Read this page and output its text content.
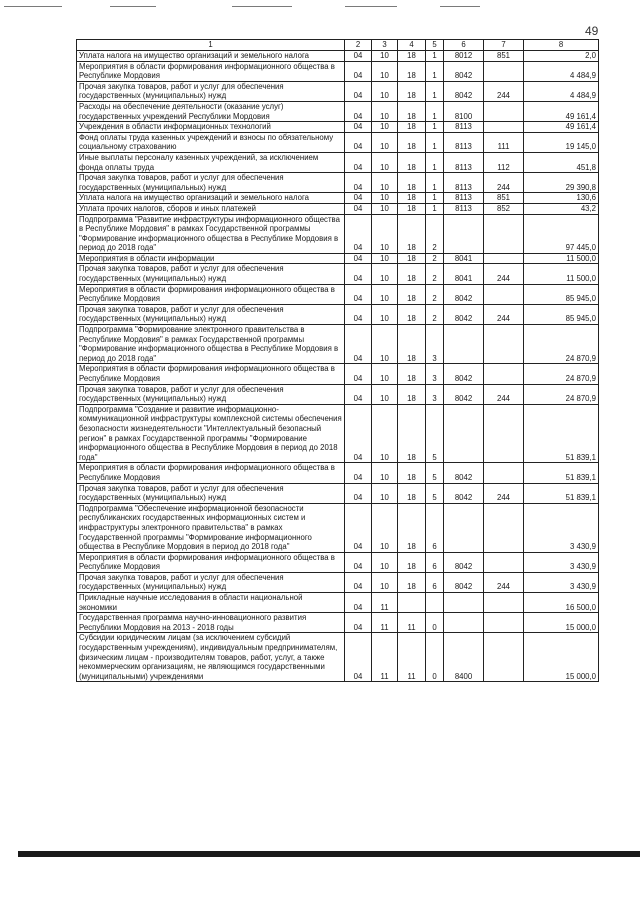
49
1	2	3	4	5	6	7	8
Уплата налога на имущество организаций и земельного налога	04	10	18	1	8012	851	2,0
Мероприятия в области формирования информационного общества в Республике Мордовия	04	10	18	1	8042		4 484,9
Прочая закупка товаров, работ и услуг для обеспечения государственных (муниципальных) нужд	04	10	18	1	8042	244	4 484,9
Расходы на обеспечение деятельности (оказание услуг) государственных учреждений Республики Мордовия	04	10	18	1	8100		49 161,4
Учреждения в области информационных технологий	04	10	18	1	8113		49 161,4
Фонд оплаты труда казенных учреждений и взносы по обязательному социальному страхованию	04	10	18	1	8113	111	19 145,0
Иные выплаты персоналу казенных учреждений, за исключением фонда оплаты труда	04	10	18	1	8113	112	451,8
Прочая закупка товаров, работ и услуг для обеспечения государственных (муниципальных) нужд	04	10	18	1	8113	244	29 390,8
Уплата налога на имущество организаций и земельного налога	04	10	18	1	8113	851	130,6
Уплата прочих налогов, сборов и иных платежей	04	10	18	1	8113	852	43,2
Подпрограмма "Развитие инфраструктуры информационного общества в Республике Мордовия" в рамках Государственной программы "Формирование информационного общества в Республике Мордовия в период до 2018 года"	04	10	18	2			97 445,0
Мероприятия в области информации	04	10	18	2	8041		11 500,0
Прочая закупка товаров, работ и услуг для обеспечения государственных (муниципальных) нужд	04	10	18	2	8041	244	11 500,0
Мероприятия в области формирования информационного общества в Республике Мордовия	04	10	18	2	8042		85 945,0
Прочая закупка товаров, работ и услуг для обеспечения государственных (муниципальных) нужд	04	10	18	2	8042	244	85 945,0
Подпрограмма "Формирование электронного правительства в Республике Мордовия" в рамках Государственной программы "Формирование информационного общества в Республике Мордовия в период до 2018 года"	04	10	18	3			24 870,9
Мероприятия в области формирования информационного общества в Республике Мордовия	04	10	18	3	8042		24 870,9
Прочая закупка товаров, работ и услуг для обеспечения государственных (муниципальных) нужд	04	10	18	3	8042	244	24 870,9
Подпрограмма "Создание и развитие информационно-коммуникационной инфраструктуры комплексной системы обеспечения безопасности жизнедеятельности "Интеллектуальный безопасный регион" в рамках Государственной программы "Формирование информационного общества в Республике Мордовия в период до 2018 года"	04	10	18	5			51 839,1
Мероприятия в области формирования информационного общества в Республике Мордовия	04	10	18	5	8042		51 839,1
Прочая закупка товаров, работ и услуг для обеспечения государственных (муниципальных) нужд	04	10	18	5	8042	244	51 839,1
Подпрограмма "Обеспечение информационной безопасности республиканских государственных информационных систем и инфраструктуры электронного правительства" в рамках Государственной программы "Формирование информационного общества в Республике Мордовия в период до 2018 года"	04	10	18	6			3 430,9
Мероприятия в области формирования информационного общества в Республике Мордовия	04	10	18	6	8042		3 430,9
Прочая закупка товаров, работ и услуг для обеспечения государственных (муниципальных) нужд	04	10	18	6	8042	244	3 430,9
Прикладные научные исследования в области национальной экономики	04	11					16 500,0
Государственная программа научно-инновационного развития Республики Мордовия на 2013 - 2018 годы	04	11	11	0			15 000,0
Субсидии юридическим лицам (за исключением субсидий государственным учреждениям), индивидуальным предпринимателям, физическим лицам - производителям товаров, работ, услуг, а также некоммерческим организациям, не являющимся государственными (муниципальными) учреждениями	04	11	11	0	8400		15 000,0
